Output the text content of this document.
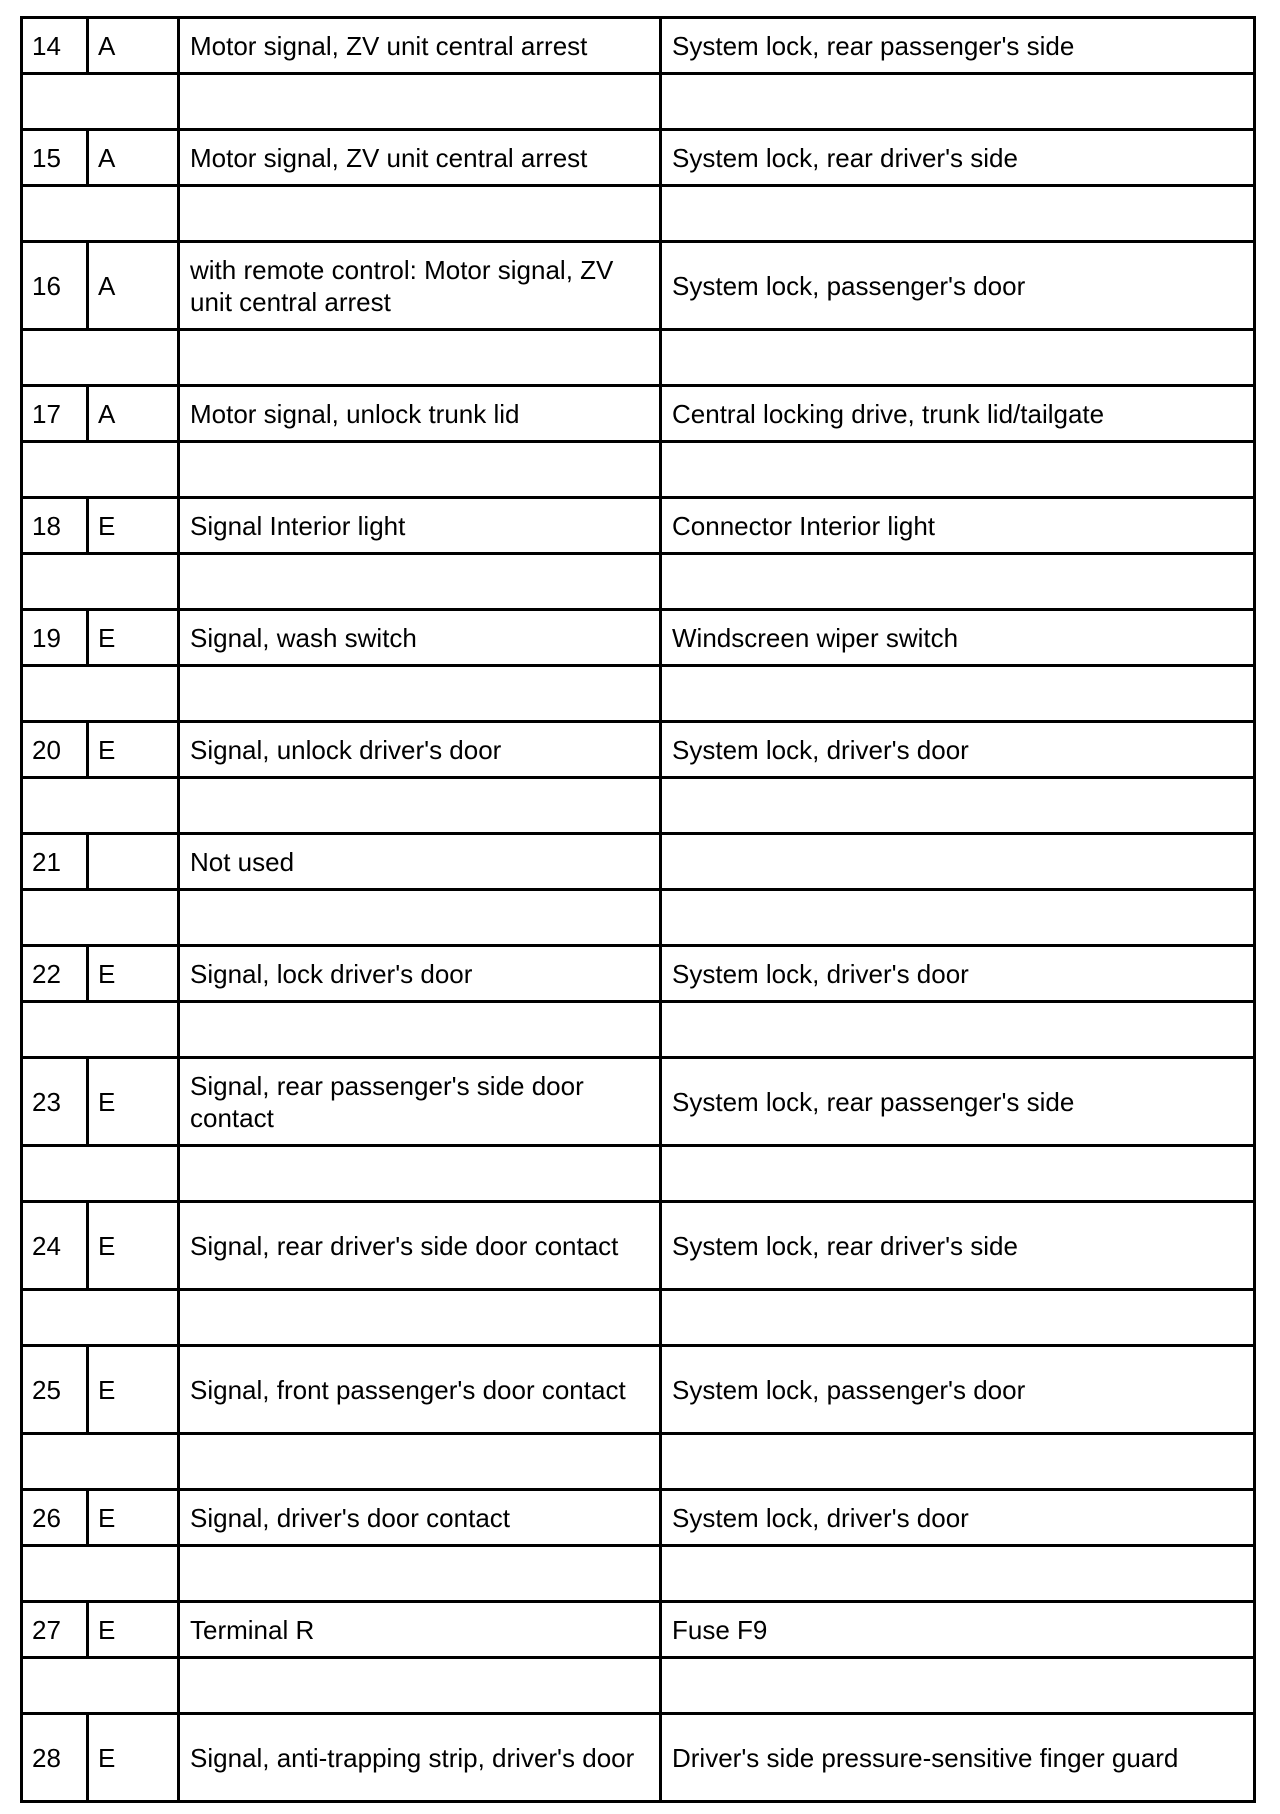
14	A	Motor signal, ZV unit central arrest	System lock, rear passenger's side

15	A	Motor signal, ZV unit central arrest	System lock, rear driver's side

16	A	with remote control: Motor signal, ZV unit central arrest	System lock, passenger's door

17	A	Motor signal, unlock trunk lid	Central locking drive, trunk lid/tailgate

18	E	Signal Interior light	Connector Interior light

19	E	Signal, wash switch	Windscreen wiper switch

20	E	Signal, unlock driver's door	System lock, driver's door

21		Not used	

22	E	Signal, lock driver's door	System lock, driver's door

23	E	Signal, rear passenger's side door contact	System lock, rear passenger's side

24	E	Signal, rear driver's side door contact	System lock, rear driver's side

25	E	Signal, front passenger's door contact	System lock, passenger's door

26	E	Signal, driver's door contact	System lock, driver's door

27	E	Terminal R	Fuse F9

28	E	Signal, anti-trapping strip, driver's door	Driver's side pressure-sensitive finger guard
